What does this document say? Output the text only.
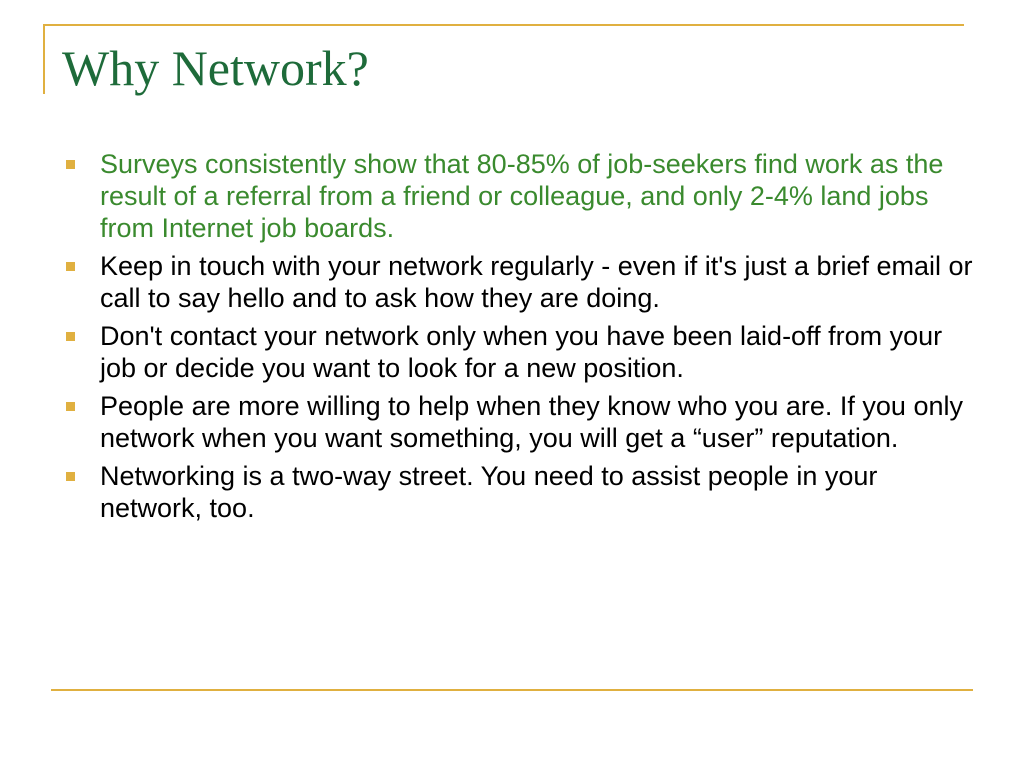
Why Network?
Surveys consistently show that 80-85% of job-seekers find work as the result of a referral from a friend or colleague, and only 2-4% land jobs from Internet job boards.
Keep in touch with your network regularly - even if it's just a brief email or call to say hello and to ask how they are doing.
Don't contact your network only when you have been laid-off from your job or decide you want to look for a new position.
People are more willing to help when they know who you are. If you only network when you want something, you will get a “user” reputation.
Networking is a two-way street. You need to assist people in your network, too.
